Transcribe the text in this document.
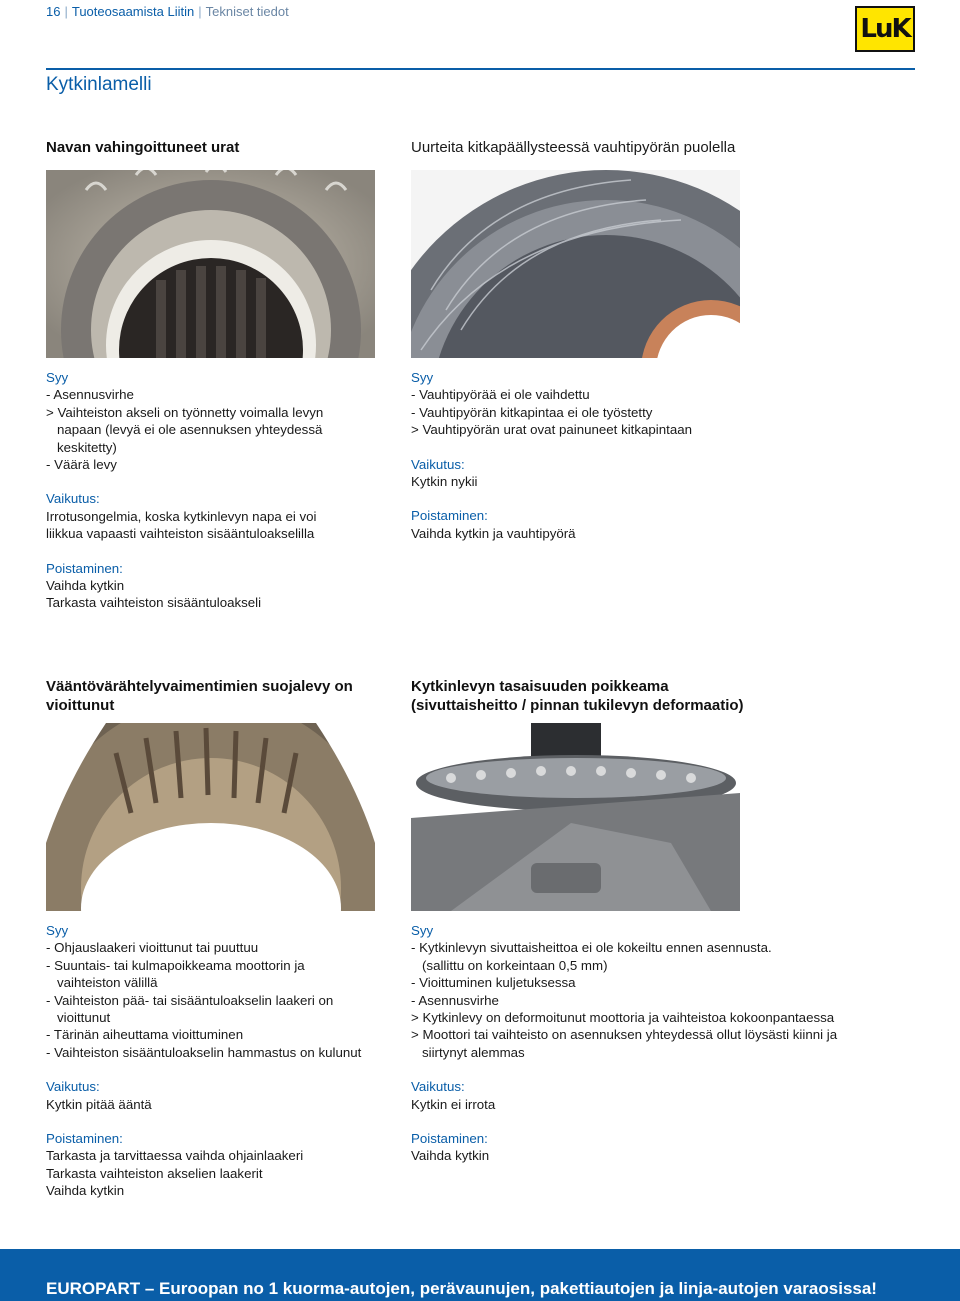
16 | Tuoteosaamista Liitin | Tekniset tiedot
LuK
Kytkinlamelli
Navan vahingoittuneet urat	Uurteita kitkapäällysteessä vauhtipyörän puolella
Syy
- Asennusvirhe
> Vaihteiston akseli on työnnetty voimalla levyn
napaan (levyä ei ole asennuksen yhteydessä
keskitetty)
- Väärä levy
Vaikutus:
Irrotusongelmia, koska kytkinlevyn napa ei voi
liikkua vapaasti vaihteiston sisääntuloakselilla
Poistaminen:
Vaihda kytkin
Tarkasta vaihteiston sisääntuloakseli
Syy
- Vauhtipyörää ei ole vaihdettu
- Vauhtipyörän kitkapintaa ei ole työstetty
> Vauhtipyörän urat ovat painuneet kitkapintaan
Vaikutus:
Kytkin nykii
Poistaminen:
Vaihda kytkin ja vauhtipyörä
Vääntövärähtelyvaimentimien suojalevy on
vioittunut
Kytkinlevyn tasaisuuden poikkeama
(sivuttaisheitto / pinnan tukilevyn deformaatio)
Syy
- Ohjauslaakeri vioittunut tai puuttuu
- Suuntais- tai kulmapoikkeama moottorin ja
vaihteiston välillä
- Vaihteiston pää- tai sisääntuloakselin laakeri on
vioittunut
- Tärinän aiheuttama vioittuminen
- Vaihteiston sisääntuloakselin hammastus on kulunut
Vaikutus:
Kytkin pitää ääntä
Poistaminen:
Tarkasta ja tarvittaessa vaihda ohjainlaakeri
Tarkasta vaihteiston akselien laakerit
Vaihda kytkin
Syy
- Kytkinlevyn sivuttaisheittoa ei ole kokeiltu ennen asennusta.
(sallittu on korkeintaan 0,5 mm)
- Vioittuminen kuljetuksessa
- Asennusvirhe
> Kytkinlevy on deformoitunut moottoria ja vaihteistoa kokoonpantaessa
> Moottori tai vaihteisto on asennuksen yhteydessä ollut löysästi kiinni ja
siirtynyt alemmas
Vaikutus:
Kytkin ei irrota
Poistaminen:
Vaihda kytkin
EUROPART – Euroopan no 1 kuorma-autojen, perävaunujen, pakettiautojen ja linja-autojen varaosissa!
